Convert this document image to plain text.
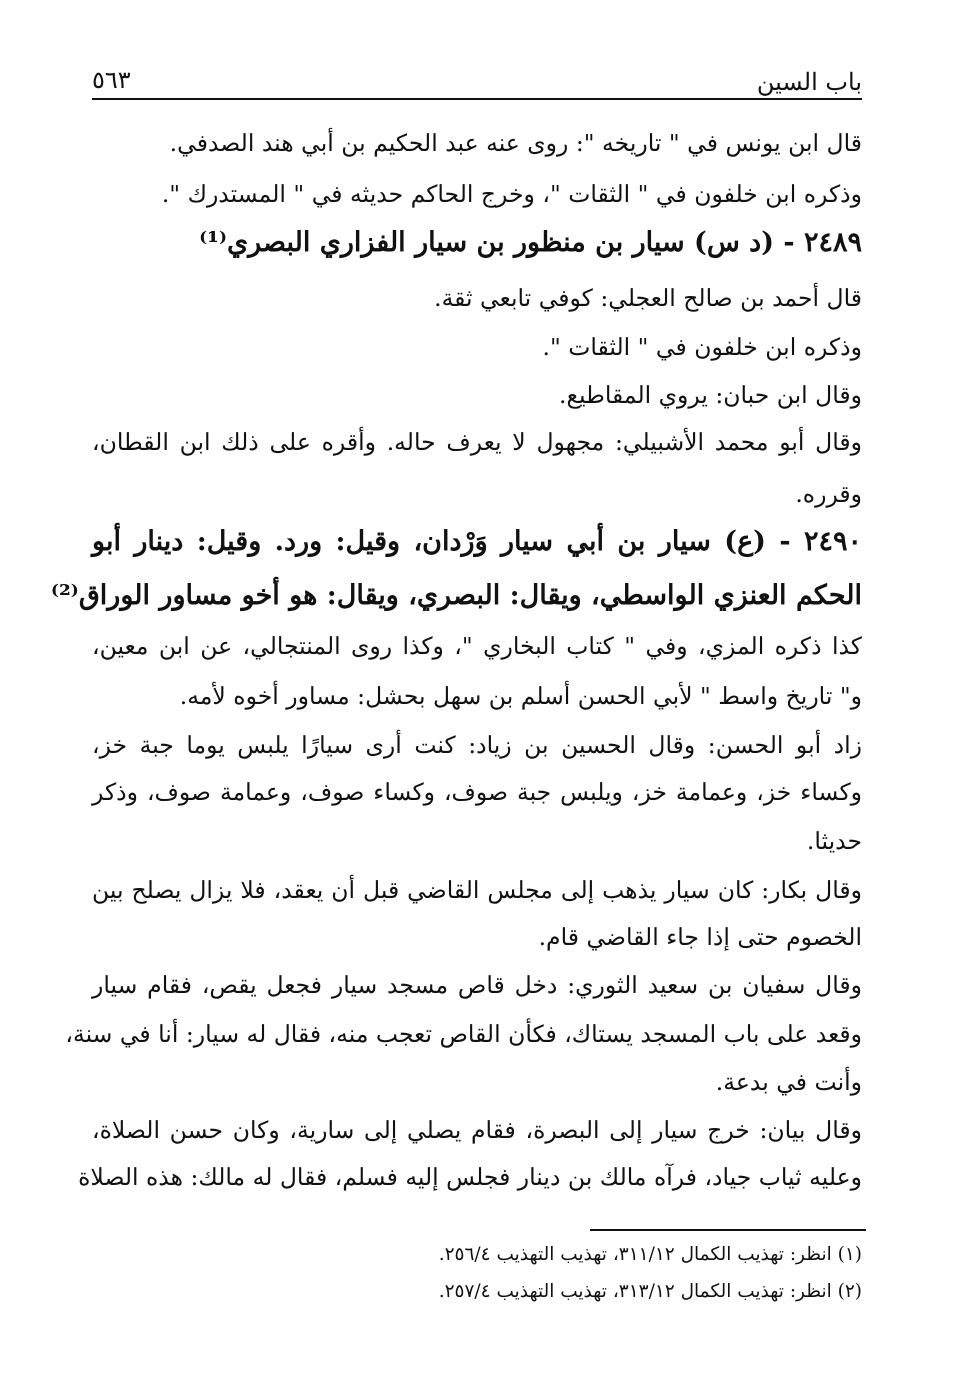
باب السين
٥٦٣
قال ابن يونس في " تاريخه ": روى عنه عبد الحكيم بن أبي هند الصدفي.
وذكره ابن خلفون في " الثقات "، وخرج الحاكم حديثه في " المستدرك ".
٢٤٨٩ - (د س) سيار بن منظور بن سيار الفزاري البصري⁽¹⁾
قال أحمد بن صالح العجلي: كوفي تابعي ثقة.
وذكره ابن خلفون في " الثقات ".
وقال ابن حبان: يروي المقاطيع.
وقال أبو محمد الأشبيلي: مجهول لا يعرف حاله. وأقره على ذلك ابن القطان،
وقرره.
٢٤٩٠ - (ع) سيار بن أبي سيار وَرْدان، وقيل: ورد. وقيل: دينار أبو
الحكم العنزي الواسطي، ويقال: البصري، ويقال: هو أخو مساور الوراق⁽²⁾
كذا ذكره المزي، وفي " كتاب البخاري "، وكذا روى المنتجالي، عن ابن معين،
و" تاريخ واسط " لأبي الحسن أسلم بن سهل بحشل: مساور أخوه لأمه.
زاد أبو الحسن: وقال الحسين بن زياد: كنت أرى سيارًا يلبس يوما جبة خز،
وكساء خز، وعمامة خز، ويلبس جبة صوف، وكساء صوف، وعمامة صوف، وذكر
حديثا.
وقال بكار: كان سيار يذهب إلى مجلس القاضي قبل أن يعقد، فلا يزال يصلح بين
الخصوم حتى إذا جاء القاضي قام.
وقال سفيان بن سعيد الثوري: دخل قاص مسجد سيار فجعل يقص، فقام سيار
وقعد على باب المسجد يستاك، فكأن القاص تعجب منه، فقال له سيار: أنا في سنة،
وأنت في بدعة.
وقال بيان: خرج سيار إلى البصرة، فقام يصلي إلى سارية، وكان حسن الصلاة،
وعليه ثياب جياد، فرآه مالك بن دينار فجلس إليه فسلم، فقال له مالك: هذه الصلاة
(١) انظر: تهذيب الكمال ٣١١/١٢، تهذيب التهذيب ٢٥٦/٤.
(٢) انظر: تهذيب الكمال ٣١٣/١٢، تهذيب التهذيب ٢٥٧/٤.
